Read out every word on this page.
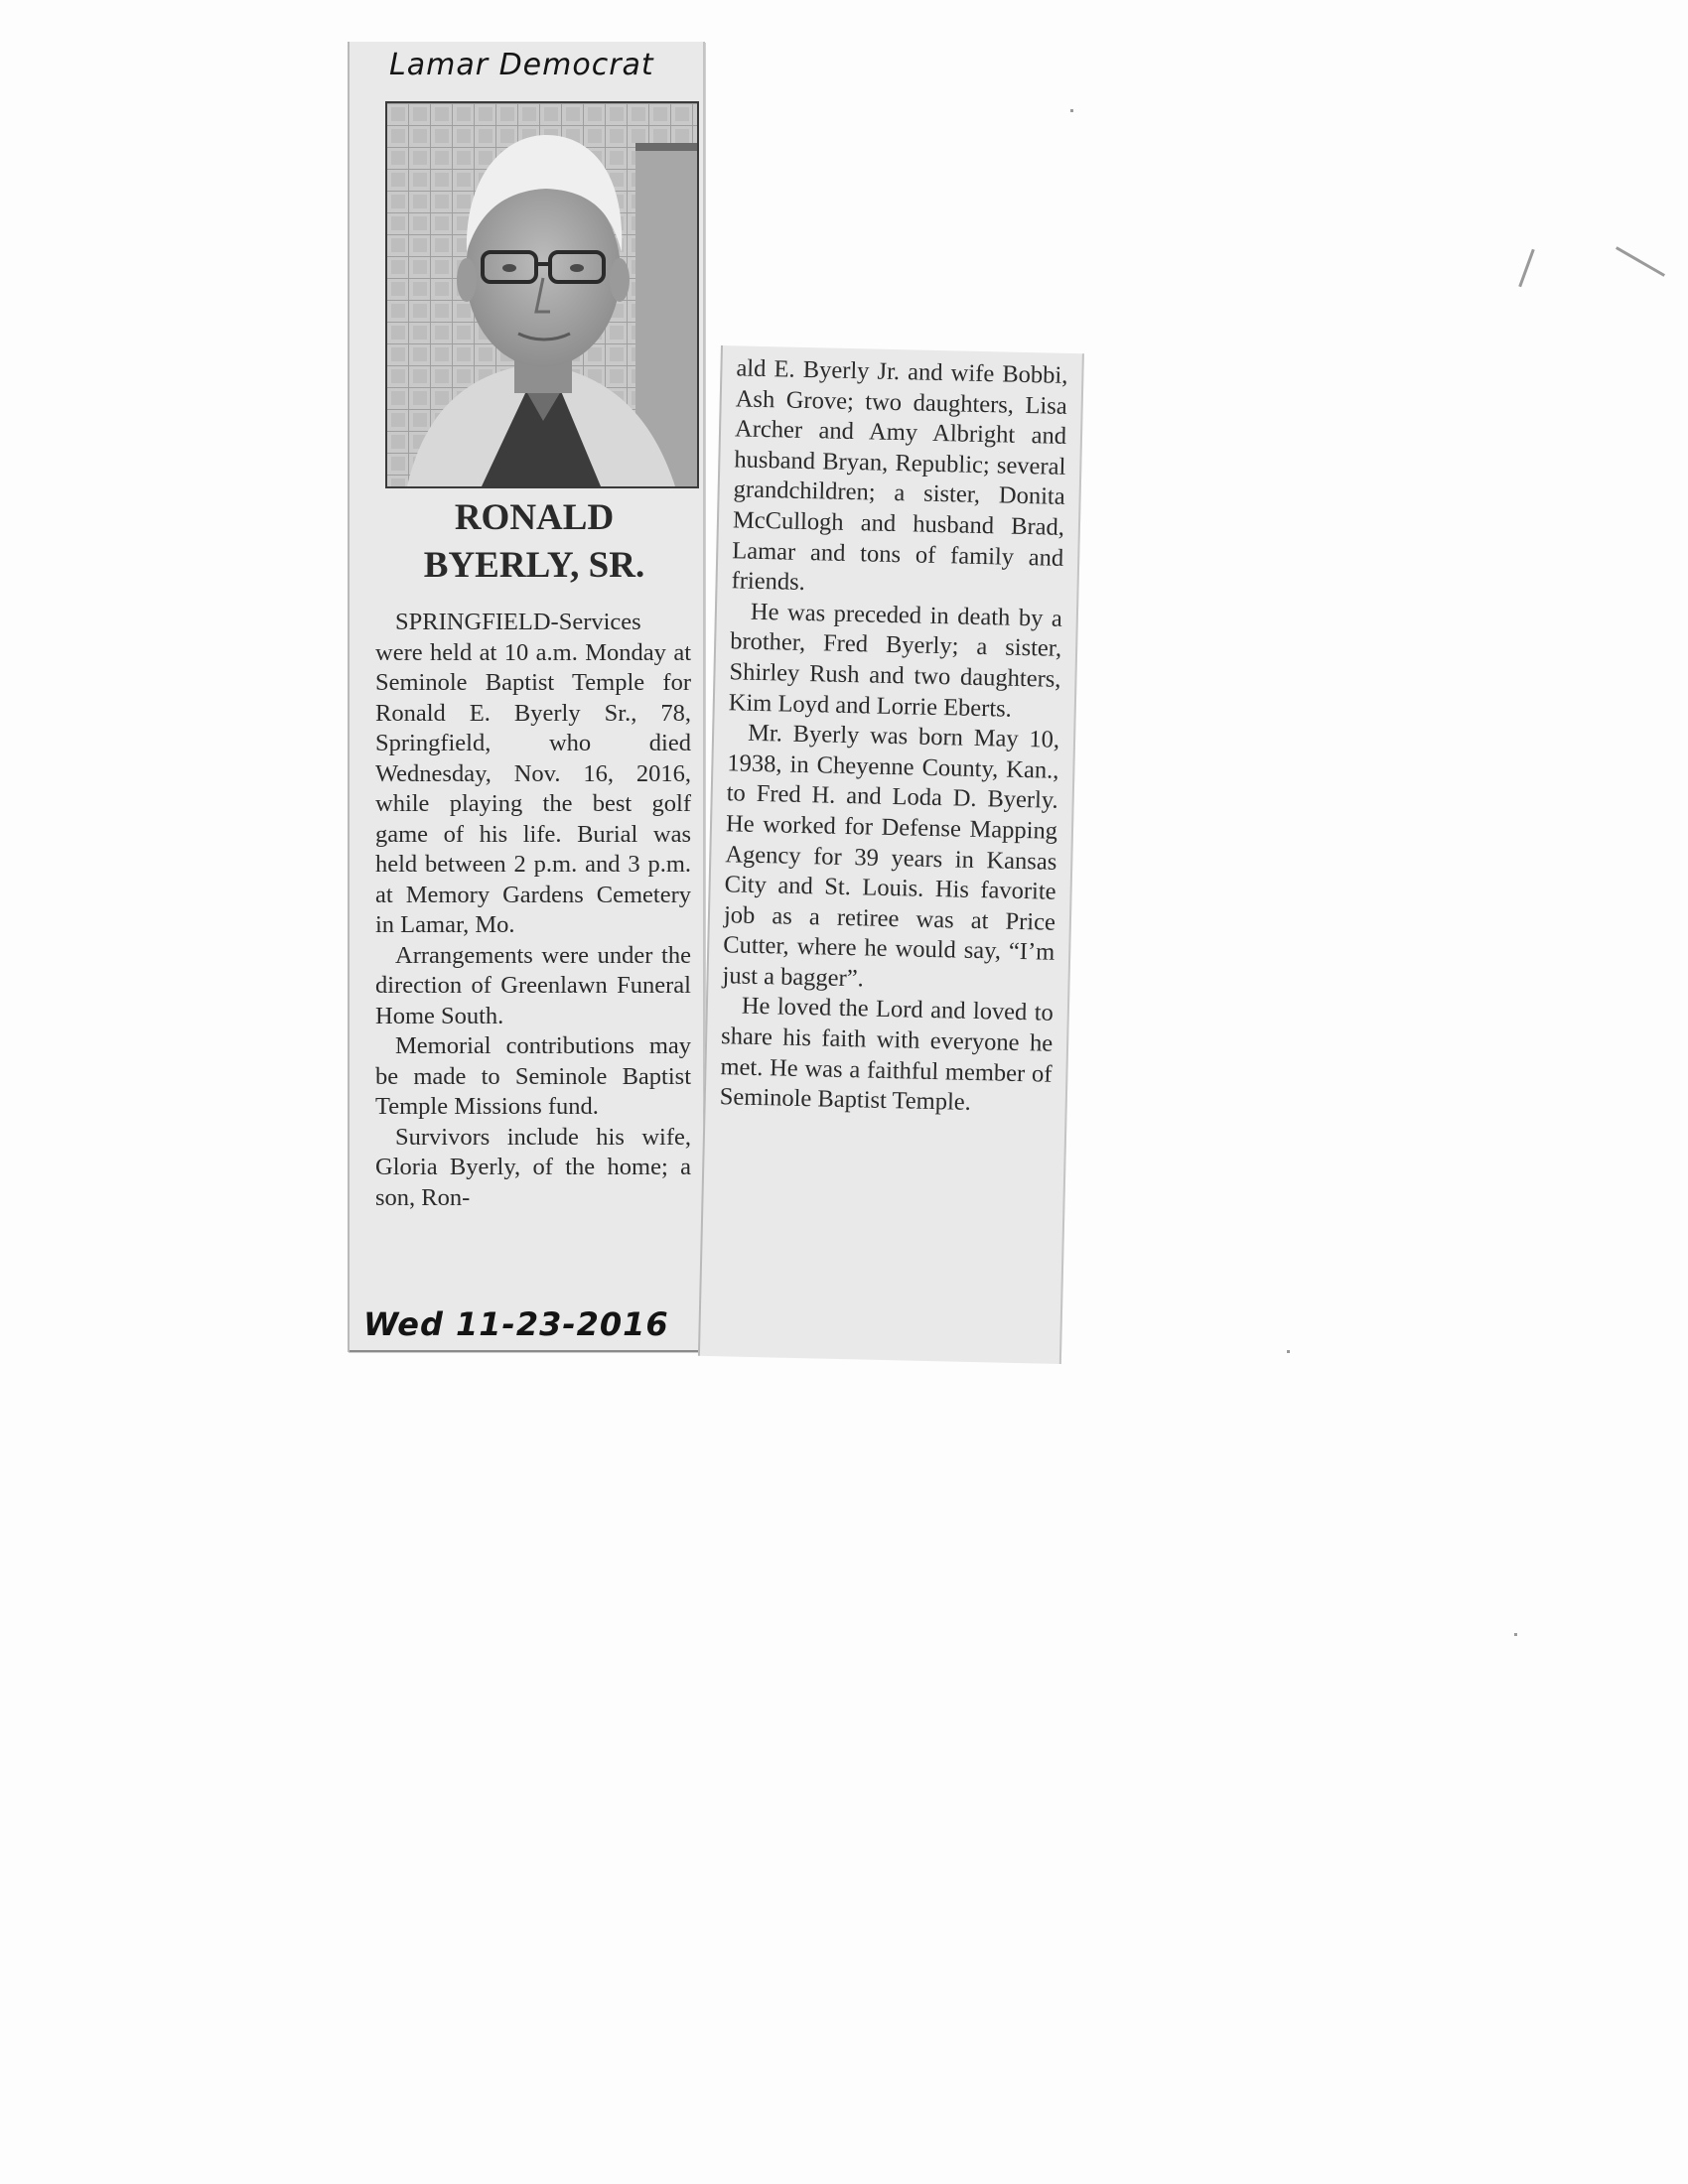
Lamar Democrat
RONALD
BYERLY, SR.

SPRINGFIELD-Services were held at 10 a.m. Monday at Seminole Baptist Temple for Ronald E. Byerly Sr., 78, Springfield, who died Wednesday, Nov. 16, 2016, while playing the best golf game of his life. Burial was held between 2 p.m. and 3 p.m. at Memory Gardens Cemetery in Lamar, Mo.

Arrangements were under the direction of Greenlawn Funeral Home South.

Memorial contributions may be made to Seminole Baptist Temple Missions fund.

Survivors include his wife, Gloria Byerly, of the home; a son, Ron-

Wed 11-23-2016

ald E. Byerly Jr. and wife Bobbi, Ash Grove; two daughters, Lisa Archer and Amy Albright and husband Bryan, Republic; several grandchildren; a sister, Donita McCullogh and husband Brad, Lamar and tons of family and friends.

He was preceded in death by a brother, Fred Byerly; a sister, Shirley Rush and two daughters, Kim Loyd and Lorrie Eberts.

Mr. Byerly was born May 10, 1938, in Cheyenne County, Kan., to Fred H. and Loda D. Byerly. He worked for Defense Mapping Agency for 39 years in Kansas City and St. Louis. His favorite job as a retiree was at Price Cutter, where he would say, “I’m just a bagger”.

He loved the Lord and loved to share his faith with everyone he met. He was a faithful member of Seminole Baptist Temple.
